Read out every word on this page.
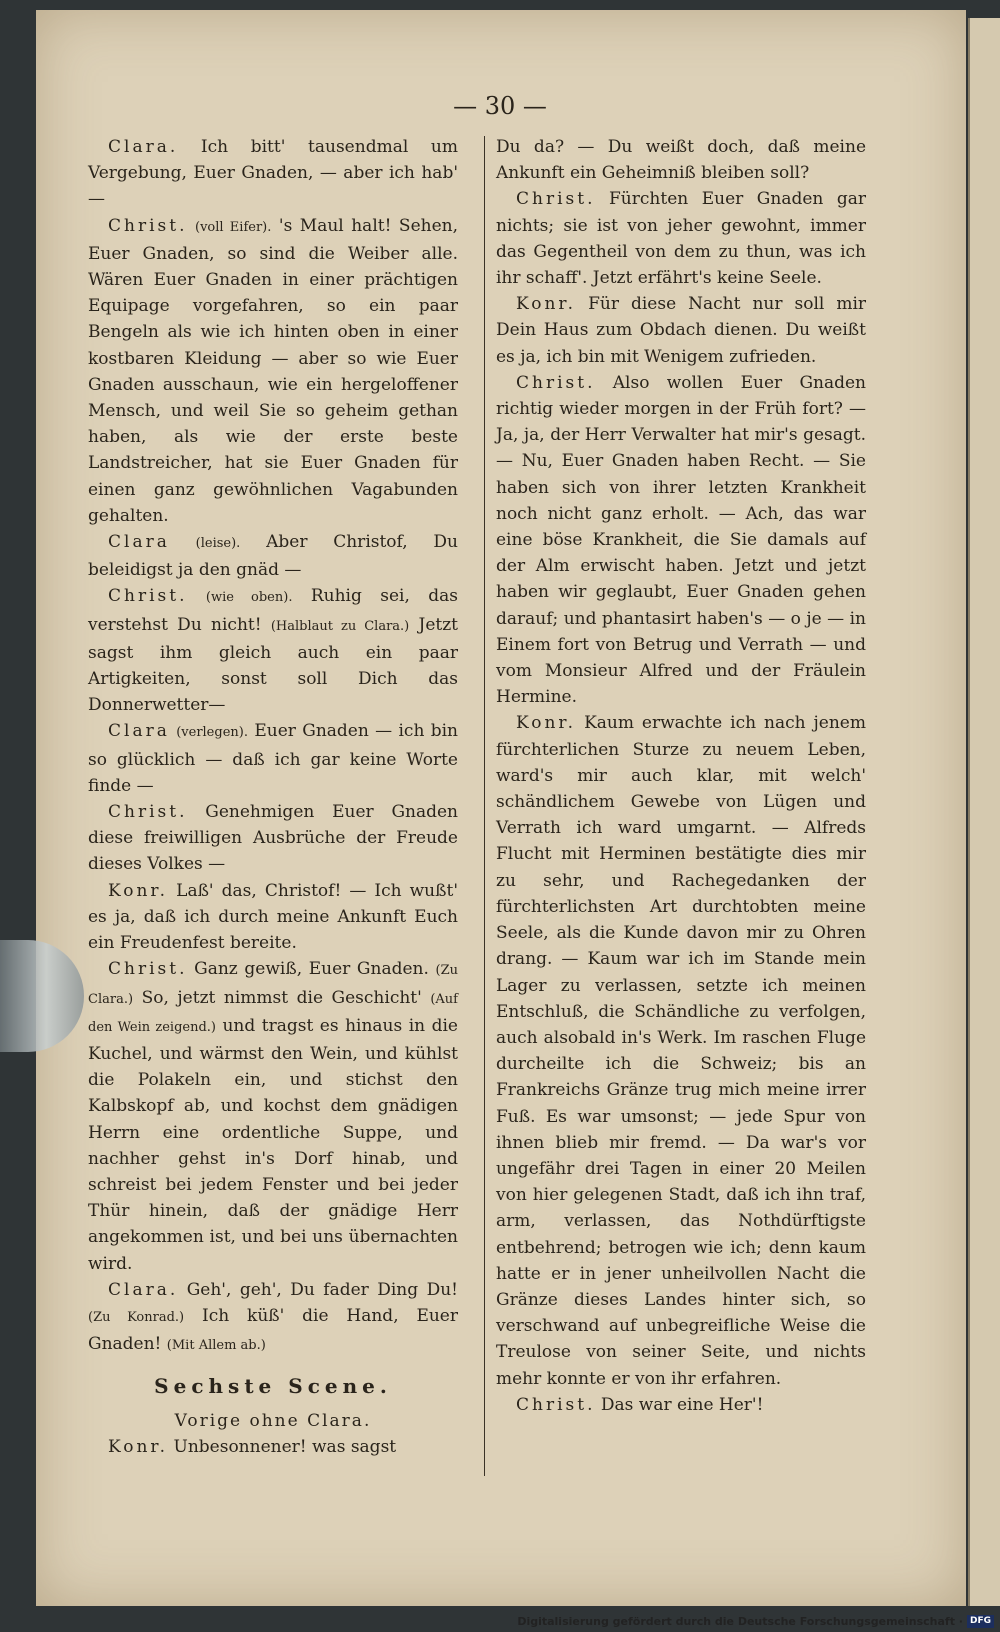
— 30 —

Clara. Ich bitt' tausendmal um Vergebung, Euer Gnaden, — aber ich hab' —

Christ. (voll Eifer). 's Maul halt! Sehen, Euer Gnaden, so sind die Weiber alle. Wären Euer Gnaden in einer prächtigen Equipage vorgefahren, so ein paar Bengeln als wie ich hinten oben in einer kostbaren Kleidung — aber so wie Euer Gnaden ausschaun, wie ein hergeloffener Mensch, und weil Sie so geheim gethan haben, als wie der erste beste Landstreicher, hat sie Euer Gnaden für einen ganz gewöhnlichen Vagabunden gehalten.

Clara (leise). Aber Christof, Du beleidigst ja den gnäd —

Christ. (wie oben). Ruhig sei, das verstehst Du nicht! (Halblaut zu Clara.) Jetzt sagst ihm gleich auch ein paar Artigkeiten, sonst soll Dich das Donnerwetter—

Clara (verlegen). Euer Gnaden — ich bin so glücklich — daß ich gar keine Worte finde —

Christ. Genehmigen Euer Gnaden diese freiwilligen Ausbrüche der Freude dieses Volkes —

Konr. Laß' das, Christof! — Ich wußt' es ja, daß ich durch meine Ankunft Euch ein Freudenfest bereite.

Christ. Ganz gewiß, Euer Gnaden. (Zu Clara.) So, jetzt nimmst die Geschicht' (Auf den Wein zeigend.) und tragst es hinaus in die Kuchel, und wärmst den Wein, und kühlst die Polakeln ein, und stichst den Kalbskopf ab, und kochst dem gnädigen Herrn eine ordentliche Suppe, und nachher gehst in's Dorf hinab, und schreist bei jedem Fenster und bei jeder Thür hinein, daß der gnädige Herr angekommen ist, und bei uns übernachten wird.

Clara. Geh', geh', Du fader Ding Du! (Zu Konrad.) Ich küß' die Hand, Euer Gnaden! (Mit Allem ab.)

Sechste Scene.

Vorige ohne Clara.

Konr. Unbesonnener! was sagst

Du da? — Du weißt doch, daß meine Ankunft ein Geheimniß bleiben soll?

Christ. Fürchten Euer Gnaden gar nichts; sie ist von jeher gewohnt, immer das Gegentheil von dem zu thun, was ich ihr schaff'. Jetzt erfährt's keine Seele.

Konr. Für diese Nacht nur soll mir Dein Haus zum Obdach dienen. Du weißt es ja, ich bin mit Wenigem zufrieden.

Christ. Also wollen Euer Gnaden richtig wieder morgen in der Früh fort? — Ja, ja, der Herr Verwalter hat mir's gesagt. — Nu, Euer Gnaden haben Recht. — Sie haben sich von ihrer letzten Krankheit noch nicht ganz erholt. — Ach, das war eine böse Krankheit, die Sie damals auf der Alm erwischt haben. Jetzt und jetzt haben wir geglaubt, Euer Gnaden gehen darauf; und phantasirt haben's — o je — in Einem fort von Betrug und Verrath — und vom Monsieur Alfred und der Fräulein Hermine.

Konr. Kaum erwachte ich nach jenem fürchterlichen Sturze zu neuem Leben, ward's mir auch klar, mit welch' schändlichem Gewebe von Lügen und Verrath ich ward umgarnt. — Alfreds Flucht mit Herminen bestätigte dies mir zu sehr, und Rachegedanken der fürchterlichsten Art durchtobten meine Seele, als die Kunde davon mir zu Ohren drang. — Kaum war ich im Stande mein Lager zu verlassen, setzte ich meinen Entschluß, die Schändliche zu verfolgen, auch alsobald in's Werk. Im raschen Fluge durcheilte ich die Schweiz; bis an Frankreichs Gränze trug mich meine irrer Fuß. Es war umsonst; — jede Spur von ihnen blieb mir fremd. — Da war's vor ungefähr drei Tagen in einer 20 Meilen von hier gelegenen Stadt, daß ich ihn traf, arm, verlassen, das Nothdürftigste entbehrend; betrogen wie ich; denn kaum hatte er in jener unheilvollen Nacht die Gränze dieses Landes hinter sich, so verschwand auf unbegreifliche Weise die Treulose von seiner Seite, und nichts mehr konnte er von ihr erfahren.

Christ. Das war eine Her'!

Digitalisierung gefördert durch die Deutsche Forschungsgemeinschaft · DFG
